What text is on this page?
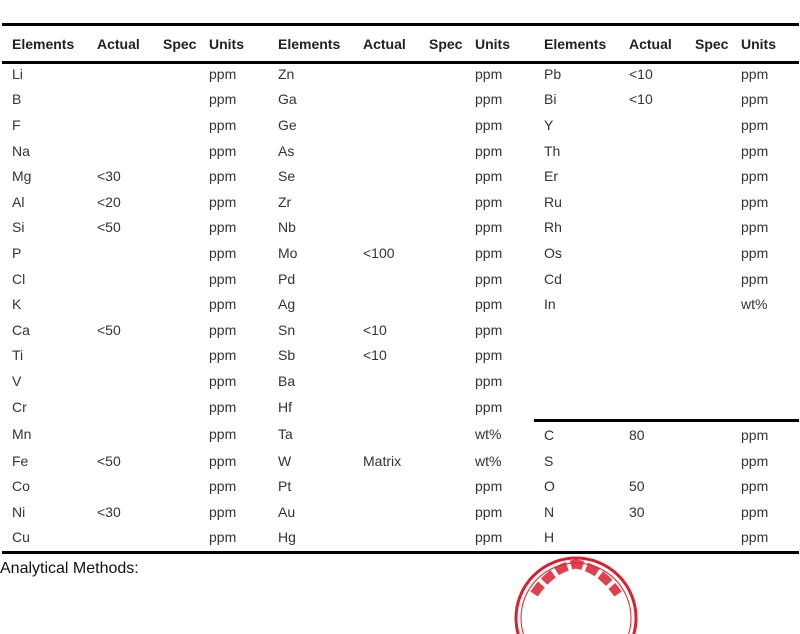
Elements	Actual	Spec	Units	Elements	Actual	Spec	Units	Elements	Actual	Spec	Units
Li			ppm	Zn			ppm	Pb	<10		ppm
B			ppm	Ga			ppm	Bi	<10		ppm
F			ppm	Ge			ppm	Y			ppm
Na			ppm	As			ppm	Th			ppm
Mg	<30		ppm	Se			ppm	Er			ppm
Al	<20		ppm	Zr			ppm	Ru			ppm
Si	<50		ppm	Nb			ppm	Rh			ppm
P			ppm	Mo	<100		ppm	Os			ppm
Cl			ppm	Pd			ppm	Cd			ppm
K			ppm	Ag			ppm	In			wt%
Ca	<50		ppm	Sn	<10		ppm				
Ti			ppm	Sb	<10		ppm				
V			ppm	Ba			ppm				
Cr			ppm	Hf			ppm				
Mn			ppm	Ta			wt%	C	80		ppm
Fe	<50		ppm	W	Matrix		wt%	S			ppm
Co			ppm	Pt			ppm	O	50		ppm
Ni	<30		ppm	Au			ppm	N	30		ppm
Cu			ppm	Hg			ppm	H			ppm
Analytical Methods:
